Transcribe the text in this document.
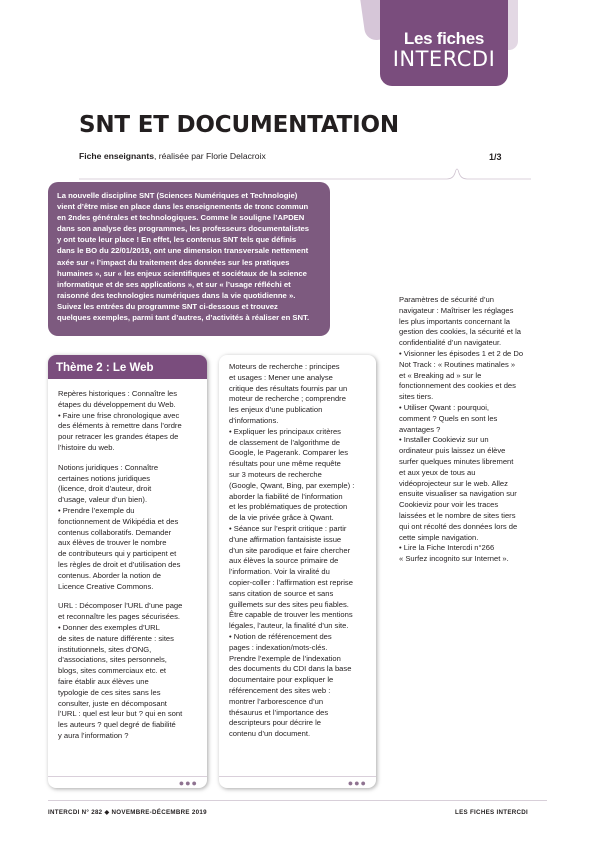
Les fiches
INTERCDI
SNT ET DOCUMENTATION
Fiche enseignants, réalisée par Florie Delacroix	1/3
La nouvelle discipline SNT (Sciences Numériques et Technologie)
vient d’être mise en place dans les enseignements de tronc commun
en 2ndes générales et technologiques. Comme le souligne l’APDEN
dans son analyse des programmes, les professeurs documentalistes
y ont toute leur place ! En effet, les contenus SNT tels que définis
dans le BO du 22/01/2019, ont une dimension transversale nettement
axée sur « l’impact du traitement des données sur les pratiques
humaines », sur « les enjeux scientifiques et sociétaux de la science
informatique et de ses applications », et sur « l’usage réfléchi et
raisonné des technologies numériques dans la vie quotidienne ».
Suivez les entrées du programme SNT ci-dessous et trouvez
quelques exemples, parmi tant d’autres, d’activités à réaliser en SNT.
Thème 2 : Le Web

Repères historiques : Connaître les
étapes du développement du Web.
• Faire une frise chronologique avec
des éléments à remettre dans l’ordre
pour retracer les grandes étapes de
l’histoire du web.

Notions juridiques : Connaître
certaines notions juridiques
(licence, droit d’auteur, droit
d’usage, valeur d’un bien).
• Prendre l’exemple du
fonctionnement de Wikipédia et des
contenus collaboratifs. Demander
aux élèves de trouver le nombre
de contributeurs qui y participent et
les règles de droit et d’utilisation des
contenus. Aborder la notion de
Licence Creative Commons.

URL : Décomposer l’URL d’une page
et reconnaître les pages sécurisées.
• Donner des exemples d’URL
de sites de nature différente : sites
institutionnels, sites d’ONG,
d’associations, sites personnels,
blogs, sites commerciaux etc. et
faire établir aux élèves une
typologie de ces sites sans les
consulter, juste en décomposant
l’URL : quel est leur but ? qui en sont
les auteurs ? quel degré de fiabilité
y aura l’information ?

●●●

Moteurs de recherche : principes
et usages : Mener une analyse
critique des résultats fournis par un
moteur de recherche ; comprendre
les enjeux d’une publication
d’informations.
• Expliquer les principaux critères
de classement de l’algorithme de
Google, le Pagerank. Comparer les
résultats pour une même requête
sur 3 moteurs de recherche
(Google, Qwant, Bing, par exemple) :
aborder la fiabilité de l’information
et les problématiques de protection
de la vie privée grâce à Qwant.
• Séance sur l’esprit critique : partir
d’une affirmation fantaisiste issue
d’un site parodique et faire chercher
aux élèves la source primaire de
l’information. Voir la viralité du
copier-coller : l’affirmation est reprise
sans citation de source et sans
guillemets sur des sites peu fiables.
Être capable de trouver les mentions
légales, l’auteur, la finalité d’un site.
• Notion de référencement des
pages : indexation/mots-clés.
Prendre l’exemple de l’indexation
des documents du CDI dans la base
documentaire pour expliquer le
référencement des sites web :
montrer l’arborescence d’un
thésaurus et l’importance des
descripteurs pour décrire le
contenu d’un document.

●●●
Paramètres de sécurité d’un
navigateur : Maîtriser les réglages
les plus importants concernant la
gestion des cookies, la sécurité et la
confidentialité d’un navigateur.
• Visionner les épisodes 1 et 2 de Do
Not Track : « Routines matinales »
et « Breaking ad » sur le
fonctionnement des cookies et des
sites tiers.
• Utiliser Qwant : pourquoi,
comment ? Quels en sont les
avantages ?
• Installer Cookieviz sur un
ordinateur puis laissez un élève
surfer quelques minutes librement
et aux yeux de tous au
vidéoprojecteur sur le web. Allez
ensuite visualiser sa navigation sur
Cookieviz pour voir les traces
laissées et le nombre de sites tiers
qui ont récolté des données lors de
cette simple navigation.
• Lire la Fiche Intercdi n°266
« Surfez incognito sur Internet ».
INTERCDI N° 282 ◆ NOVEMBRE-DÉCEMBRE 2019	LES FICHES INTERCDI
